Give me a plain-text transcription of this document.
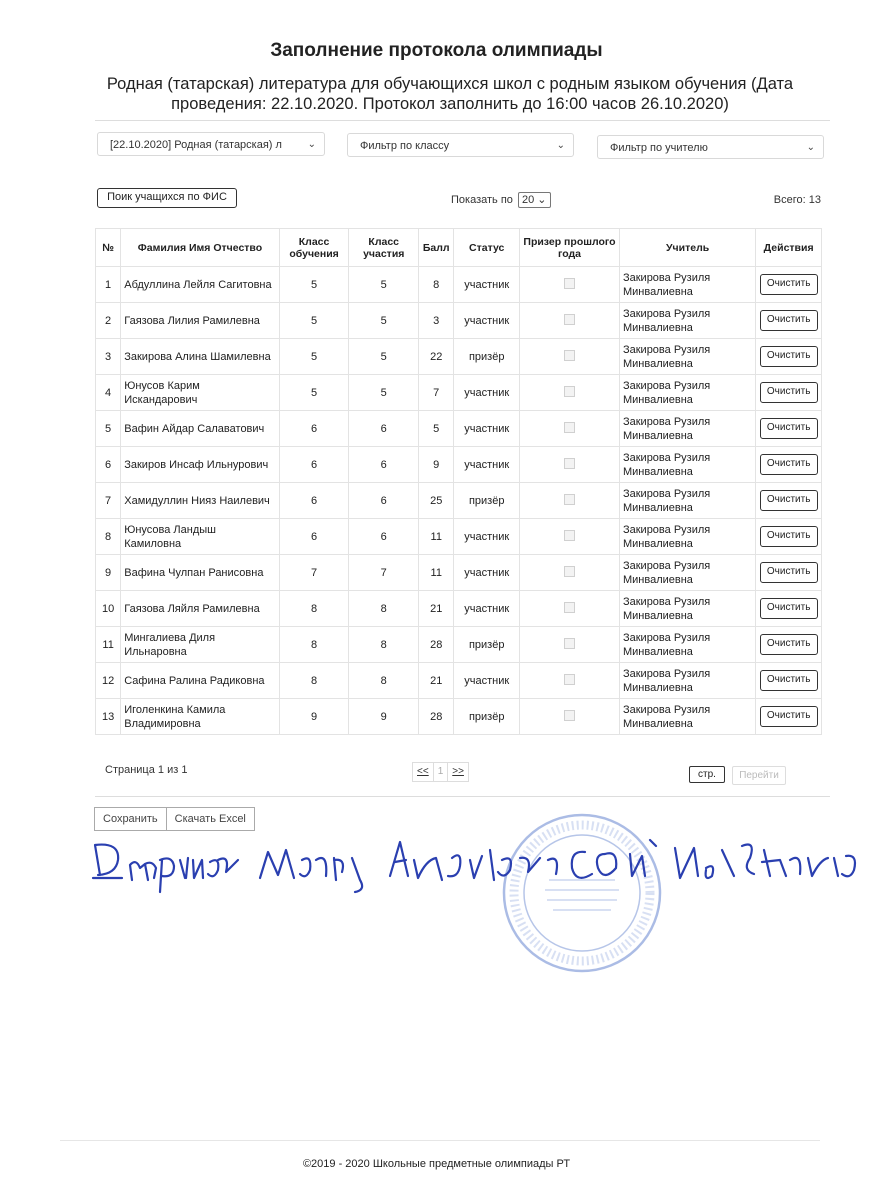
Заполнение протокола олимпиады
Родная (татарская) литература для обучающихся школ с родным языком обучения (Дата проведения: 22.10.2020. Протокол заполнить до 16:00 часов 26.10.2020)
[22.10.2020] Родная (татарская) л	⌄	Фильтр по классу	⌄	Фильтр по учителю	⌄
Поик учащихся по ФИС	Показать по 20 ⌄	Всего: 13
№	Фамилия Имя Отчество	Класс обучения	Класс участия	Балл	Статус	Призер прошлого года	Учитель	Действия
1	Абдуллина Лейля Сагитовна	5	5	8	участник		Закирова Рузиля Минвалиевна	Очистить
2	Гаязова Лилия Рамилевна	5	5	3	участник		Закирова Рузиля Минвалиевна	Очистить
3	Закирова Алина Шамилевна	5	5	22	призёр		Закирова Рузиля Минвалиевна	Очистить
4	Юнусов Карим Искандарович	5	5	7	участник		Закирова Рузиля Минвалиевна	Очистить
5	Вафин Айдар Салаватович	6	6	5	участник		Закирова Рузиля Минвалиевна	Очистить
6	Закиров Инсаф Ильнурович	6	6	9	участник		Закирова Рузиля Минвалиевна	Очистить
7	Хамидуллин Нияз Наилевич	6	6	25	призёр		Закирова Рузиля Минвалиевна	Очистить
8	Юнусова Ландыш Камиловна	6	6	11	участник		Закирова Рузиля Минвалиевна	Очистить
9	Вафина Чулпан Ранисовна	7	7	11	участник		Закирова Рузиля Минвалиевна	Очистить
10	Гаязова Ляйля Рамилевна	8	8	21	участник		Закирова Рузиля Минвалиевна	Очистить
11	Мингалиева Диля Ильнаровна	8	8	28	призёр		Закирова Рузиля Минвалиевна	Очистить
12	Сафина Ралина Радиковна	8	8	21	участник		Закирова Рузиля Минвалиевна	Очистить
13	Иголенкина Камила Владимировна	9	9	28	призёр		Закирова Рузиля Минвалиевна	Очистить
Страница 1 из 1	<< 1 >>	стр.	Перейти
Сохранить	Скачать Excel
©2019 - 2020 Школьные предметные олимпиады РТ
